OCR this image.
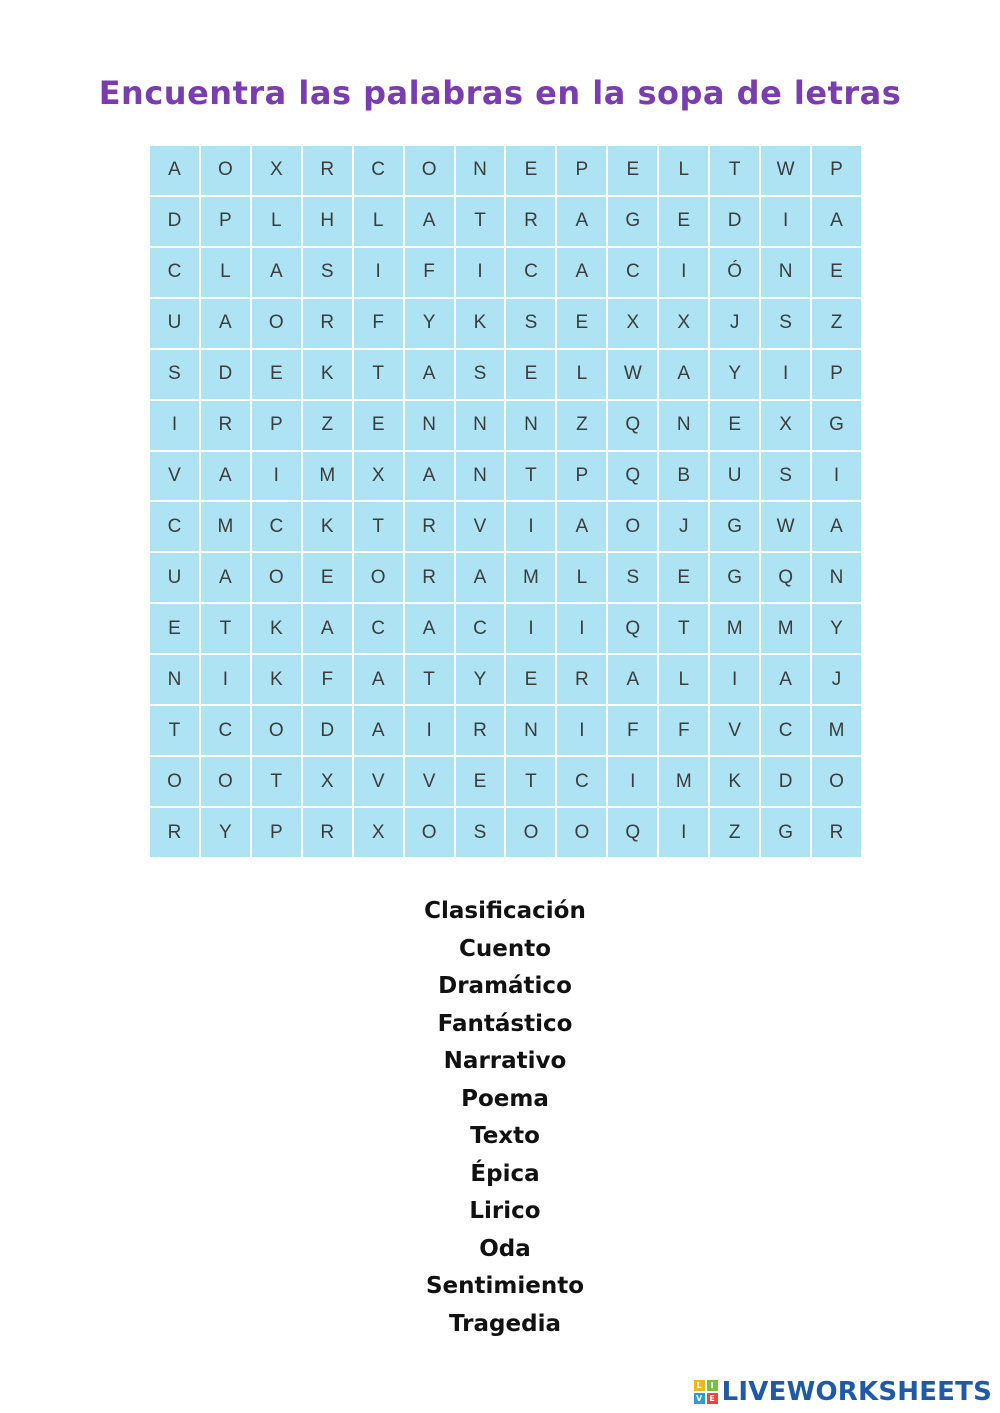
Encuentra las palabras en la sopa de letras
A	O	X	R	C	O	N	E	P	E	L	T	W	P
D	P	L	H	L	A	T	R	A	G	E	D	I	A
C	L	A	S	I	F	I	C	A	C	I	Ó	N	E
U	A	O	R	F	Y	K	S	E	X	X	J	S	Z
S	D	E	K	T	A	S	E	L	W	A	Y	I	P
I	R	P	Z	E	N	N	N	Z	Q	N	E	X	G
V	A	I	M	X	A	N	T	P	Q	B	U	S	I
C	M	C	K	T	R	V	I	A	O	J	G	W	A
U	A	O	E	O	R	A	M	L	S	E	G	Q	N
E	T	K	A	C	A	C	I	I	Q	T	M	M	Y
N	I	K	F	A	T	Y	E	R	A	L	I	A	J
T	C	O	D	A	I	R	N	I	F	F	V	C	M
O	O	T	X	V	V	E	T	C	I	M	K	D	O
R	Y	P	R	X	O	S	O	O	Q	I	Z	G	R
Clasificación
Cuento
Dramático
Fantástico
Narrativo
Poema
Texto
Épica
Lirico
Oda
Sentimiento
Tragedia
L	I
V E LIVEWORKSHEETS
